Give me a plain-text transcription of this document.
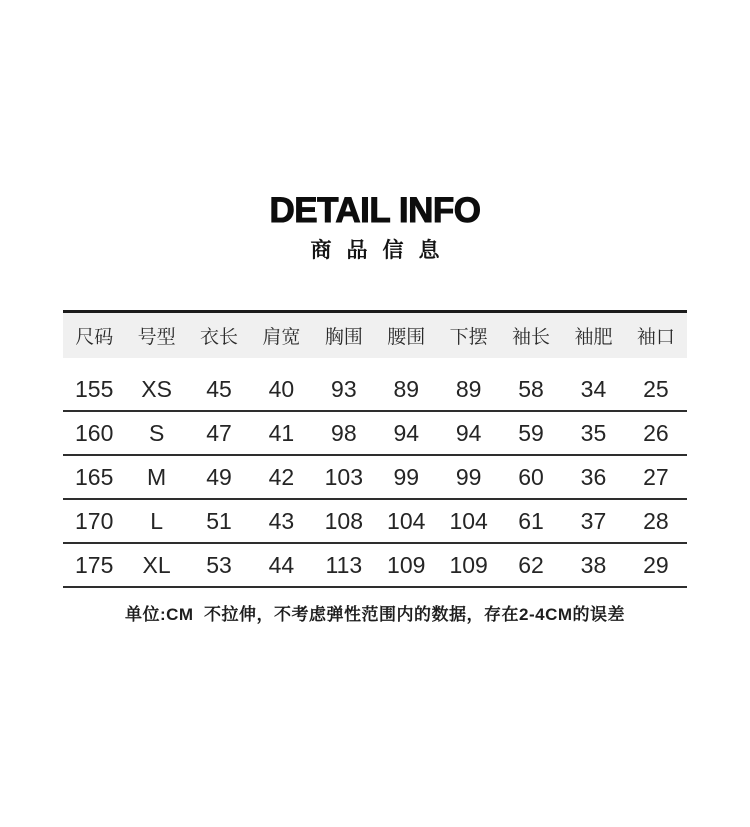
DETAIL INFO
商品信息
尺码	号型	衣长	肩宽	胸围	腰围	下摆	袖长	袖肥	袖口
155	XS	45	40	93	89	89	58	34	25
160	S	47	41	98	94	94	59	35	26
165	M	49	42	103	99	99	60	36	27
170	L	51	43	108	104	104	61	37	28
175	XL	53	44	113	109	109	62	38	29
单位:CM  不拉伸，不考虑弹性范围内的数据，存在2-4CM的误差
